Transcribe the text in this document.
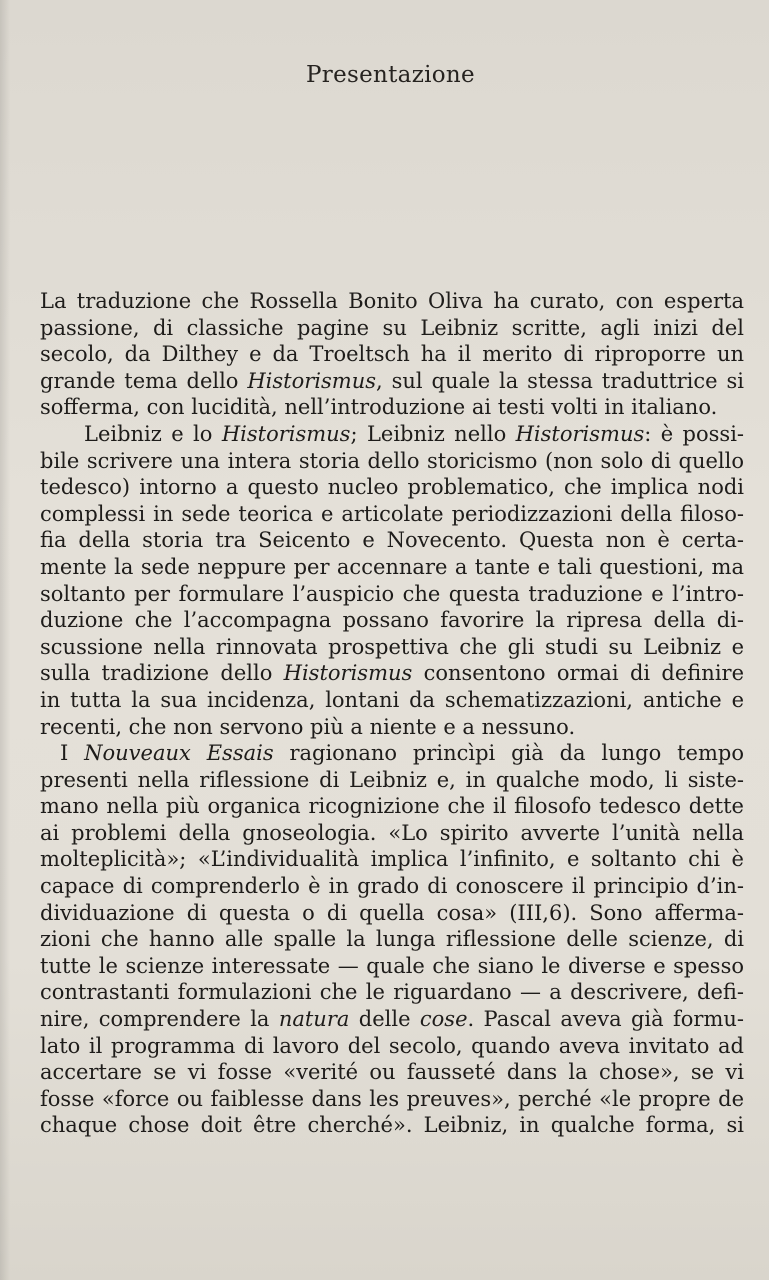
Presentazione
La traduzione che Rossella Bonito Oliva ha curato, con esperta
passione, di classiche pagine su Leibniz scritte, agli inizi del
secolo, da Dilthey e da Troeltsch ha il merito di riproporre un
grande tema dello Historismus, sul quale la stessa traduttrice si
sofferma, con lucidità, nell’introduzione ai testi volti in italiano.
Leibniz e lo Historismus; Leibniz nello Historismus: è possi-
bile scrivere una intera storia dello storicismo (non solo di quello
tedesco) intorno a questo nucleo problematico, che implica nodi
complessi in sede teorica e articolate periodizzazioni della filoso-
fia della storia tra Seicento e Novecento. Questa non è certa-
mente la sede neppure per accennare a tante e tali questioni, ma
soltanto per formulare l’auspicio che questa traduzione e l’intro-
duzione che l’accompagna possano favorire la ripresa della di-
scussione nella rinnovata prospettiva che gli studi su Leibniz e
sulla tradizione dello Historismus consentono ormai di definire
in tutta la sua incidenza, lontani da schematizzazioni, antiche e
recenti, che non servono più a niente e a nessuno.
I Nouveaux Essais ragionano princìpi già da lungo tempo
presenti nella riflessione di Leibniz e, in qualche modo, li siste-
mano nella più organica ricognizione che il filosofo tedesco dette
ai problemi della gnoseologia. «Lo spirito avverte l’unità nella
molteplicità»; «L’individualità implica l’infinito, e soltanto chi è
capace di comprenderlo è in grado di conoscere il principio d’in-
dividuazione di questa o di quella cosa» (III,6). Sono afferma-
zioni che hanno alle spalle la lunga riflessione delle scienze, di
tutte le scienze interessate — quale che siano le diverse e spesso
contrastanti formulazioni che le riguardano — a descrivere, defi-
nire, comprendere la natura delle cose. Pascal aveva già formu-
lato il programma di lavoro del secolo, quando aveva invitato ad
accertare se vi fosse «verité ou fausseté dans la chose», se vi
fosse «force ou faiblesse dans les preuves», perché «le propre de
chaque chose doit être cherché». Leibniz, in qualche forma, si
